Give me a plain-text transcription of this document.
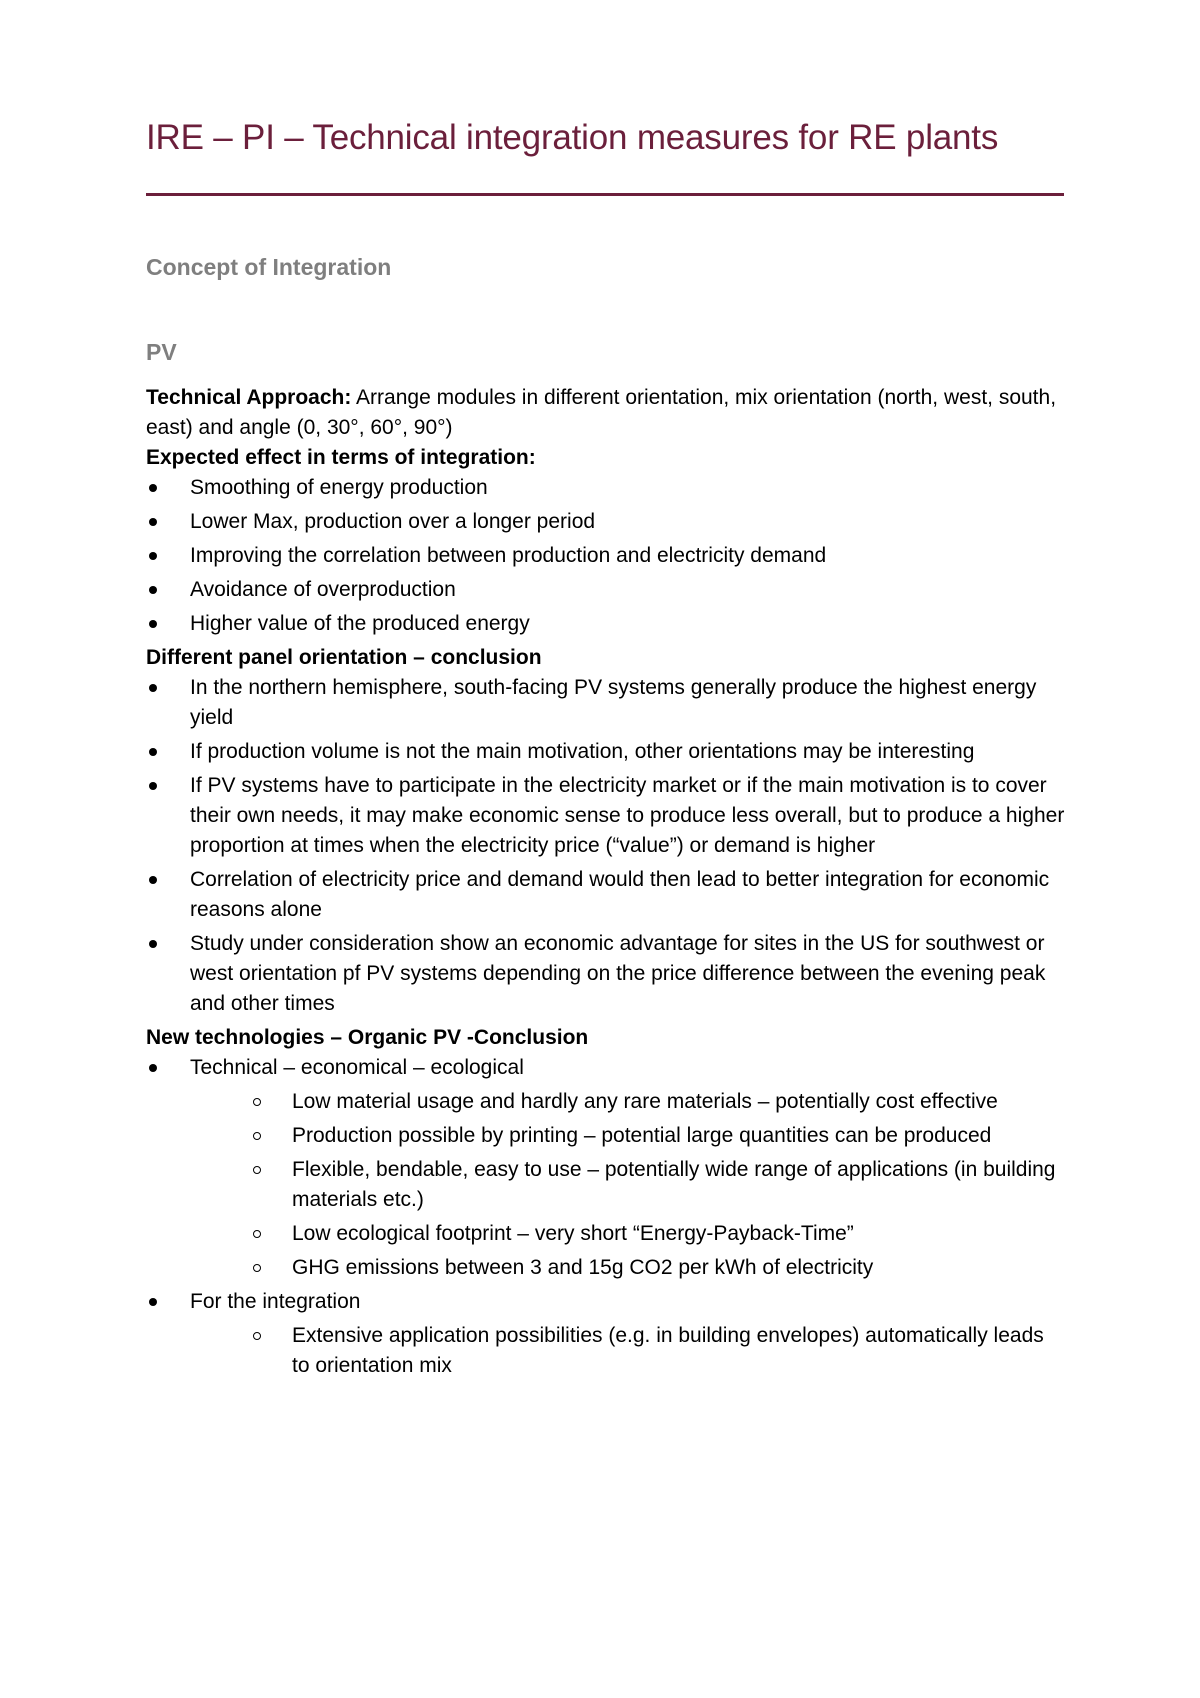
IRE – PI – Technical integration measures for RE plants
Concept of Integration
PV

Technical Approach: Arrange modules in different orientation, mix orientation (north, west, south, east) and angle (0, 30°, 60°, 90°)

Expected effect in terms of integration:

Smoothing of energy production
Lower Max, production over a longer period
Improving the correlation between production and electricity demand
Avoidance of overproduction
Higher value of the produced energy

Different panel orientation – conclusion

In the northern hemisphere, south-facing PV systems generally produce the highest energy yield
If production volume is not the main motivation, other orientations may be interesting
If PV systems have to participate in the electricity market or if the main motivation is to cover their own needs, it may make economic sense to produce less overall, but to produce a higher proportion at times when the electricity price (“value”) or demand is higher
Correlation of electricity price and demand would then lead to better integration for economic reasons alone
Study under consideration show an economic advantage for sites in the US for southwest or west orientation pf PV systems depending on the price difference between the evening peak and other times

New technologies – Organic PV -Conclusion

Technical – economical – ecological
Low material usage and hardly any rare materials – potentially cost effective
Production possible by printing – potential large quantities can be produced
Flexible, bendable, easy to use – potentially wide range of applications (in building materials etc.)
Low ecological footprint – very short “Energy-Payback-Time”
GHG emissions between 3 and 15g CO2 per kWh of electricity
For the integration
Extensive application possibilities (e.g. in building envelopes) automatically leads to orientation mix
